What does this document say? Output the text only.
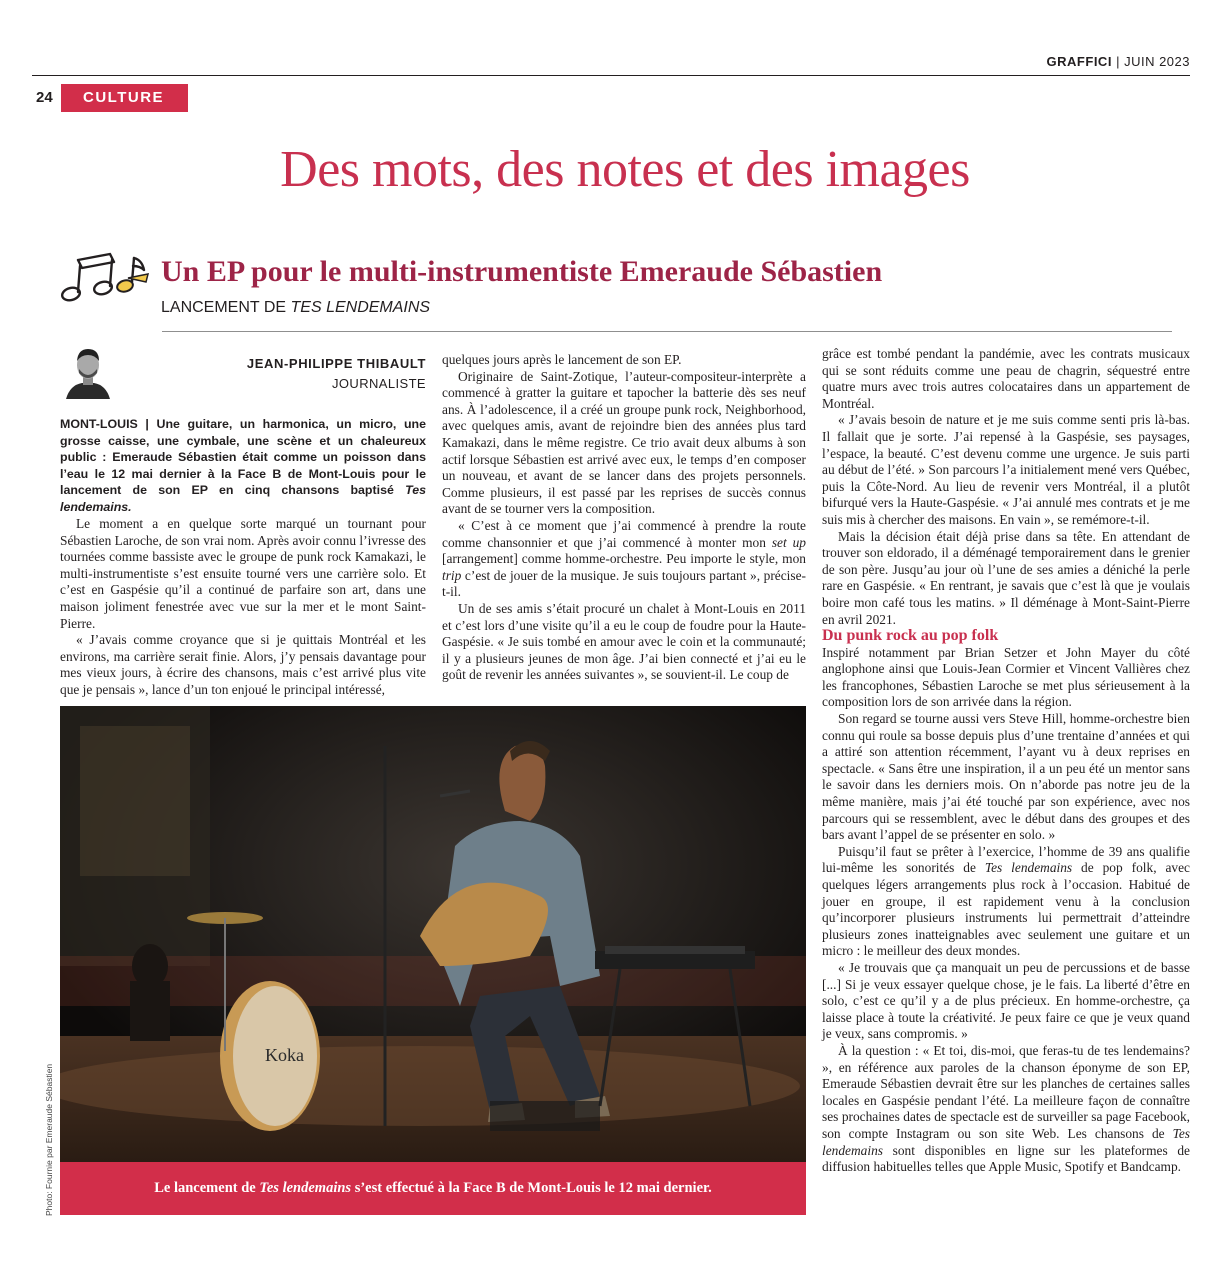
GRAFFICI | JUIN 2023
24	CULTURE
Des mots, des notes et des images
Un EP pour le multi-instrumentiste Emeraude Sébastien
LANCEMENT DE TES LENDEMAINS
JEAN-PHILIPPE THIBAULT
JOURNALISTE

MONT-LOUIS | Une guitare, un harmonica, un micro, une grosse caisse, une cymbale, une scène et un chaleureux public : Emeraude Sébastien était comme un poisson dans l’eau le 12 mai dernier à la Face B de Mont-Louis pour le lancement de son EP en cinq chansons baptisé Tes lendemains.

Le moment a en quelque sorte marqué un tournant pour Sébastien Laroche, de son vrai nom. Après avoir connu l’ivresse des tournées comme bassiste avec le groupe de punk rock Kamakazi, le multi-instrumentiste s’est ensuite tourné vers une carrière solo. Et c’est en Gaspésie qu’il a continué de parfaire son art, dans une maison joliment fenestrée avec vue sur la mer et le mont Saint-Pierre.

« J’avais comme croyance que si je quittais Montréal et les environs, ma carrière serait finie. Alors, j’y pensais davantage pour mes vieux jours, à écrire des chansons, mais c’est arrivé plus vite que je pensais », lance d’un ton enjoué le principal intéressé,

quelques jours après le lancement de son EP.

Originaire de Saint-Zotique, l’auteur-compositeur-interprète a commencé à gratter la guitare et tapocher la batterie dès ses neuf ans. À l’adolescence, il a créé un groupe punk rock, Neighborhood, avec quelques amis, avant de rejoindre bien des années plus tard Kamakazi, dans le même registre. Ce trio avait deux albums à son actif lorsque Sébastien est arrivé avec eux, le temps d’en composer un nouveau, et avant de se lancer dans des projets personnels. Comme plusieurs, il est passé par les reprises de succès connus avant de se tourner vers la composition.

« C’est à ce moment que j’ai commencé à prendre la route comme chansonnier et que j’ai commencé à monter mon set up [arrangement] comme homme-orchestre. Peu importe le style, mon trip c’est de jouer de la musique. Je suis toujours partant », précise-t-il.

Un de ses amis s’était procuré un chalet à Mont-Louis en 2011 et c’est lors d’une visite qu’il a eu le coup de foudre pour la Haute-Gaspésie. « Je suis tombé en amour avec le coin et la communauté; il y a plusieurs jeunes de mon âge. J’ai bien connecté et j’ai eu le goût de revenir les années suivantes », se souvient-il. Le coup de

grâce est tombé pendant la pandémie, avec les contrats musicaux qui se sont réduits comme une peau de chagrin, séquestré entre quatre murs avec trois autres colocataires dans un appartement de Montréal.

« J’avais besoin de nature et je me suis comme senti pris là-bas. Il fallait que je sorte. J’ai repensé à la Gaspésie, ses paysages, l’espace, la beauté. C’est devenu comme une urgence. Je suis parti au début de l’été. » Son parcours l’a initialement mené vers Québec, puis la Côte-Nord. Au lieu de revenir vers Montréal, il a plutôt bifurqué vers la Haute-Gaspésie. « J’ai annulé mes contrats et je me suis mis à chercher des maisons. En vain », se remémore-t-il.

Mais la décision était déjà prise dans sa tête. En attendant de trouver son eldorado, il a déménagé temporairement dans le grenier de son père. Jusqu’au jour où l’une de ses amies a déniché la perle rare en Gaspésie. « En rentrant, je savais que c’est là que je voulais boire mon café tous les matins. » Il déménage à Mont-Saint-Pierre en avril 2021.

Du punk rock au pop folk

Inspiré notamment par Brian Setzer et John Mayer du côté anglophone ainsi que Louis-Jean Cormier et Vincent Vallières chez les francophones, Sébastien Laroche se met plus sérieusement à la composition lors de son arrivée dans la région.

Son regard se tourne aussi vers Steve Hill, homme-orchestre bien connu qui roule sa bosse depuis plus d’une trentaine d’années et qui a attiré son attention récemment, l’ayant vu à deux reprises en spectacle. « Sans être une inspiration, il a un peu été un mentor sans le savoir dans les derniers mois. On n’aborde pas notre jeu de la même manière, mais j’ai été touché par son expérience, avec nos parcours qui se ressemblent, avec le début dans des groupes et des bars avant l’appel de se présenter en solo. »

Puisqu’il faut se prêter à l’exercice, l’homme de 39 ans qualifie lui-même les sonorités de Tes lendemains de pop folk, avec quelques légers arrangements plus rock à l’occasion. Habitué de jouer en groupe, il est rapidement venu à la conclusion qu’incorporer plusieurs instruments lui permettrait d’atteindre plusieurs zones inatteignables avec seulement une guitare et un micro : le meilleur des deux mondes.

« Je trouvais que ça manquait un peu de percussions et de basse [...] Si je veux essayer quelque chose, je le fais. La liberté d’être en solo, c’est ce qu’il y a de plus précieux. En homme-orchestre, ça laisse place à toute la créativité. Je peux faire ce que je veux quand je veux, sans compromis. »

À la question : « Et toi, dis-moi, que feras-tu de tes lendemains? », en référence aux paroles de la chanson éponyme de son EP, Emeraude Sébastien devrait être sur les planches de certaines salles locales en Gaspésie pendant l’été. La meilleure façon de connaître ses prochaines dates de spectacle est de surveiller sa page Facebook, son compte Instagram ou son site Web. Les chansons de Tes lendemains sont disponibles en ligne sur les plateformes de diffusion habituelles telles que Apple Music, Spotify et Bandcamp.

Koka
Le lancement de Tes lendemains s’est effectué à la Face B de Mont-Louis le 12 mai dernier.
Photo: Fournie par Emeraude Sébastien
